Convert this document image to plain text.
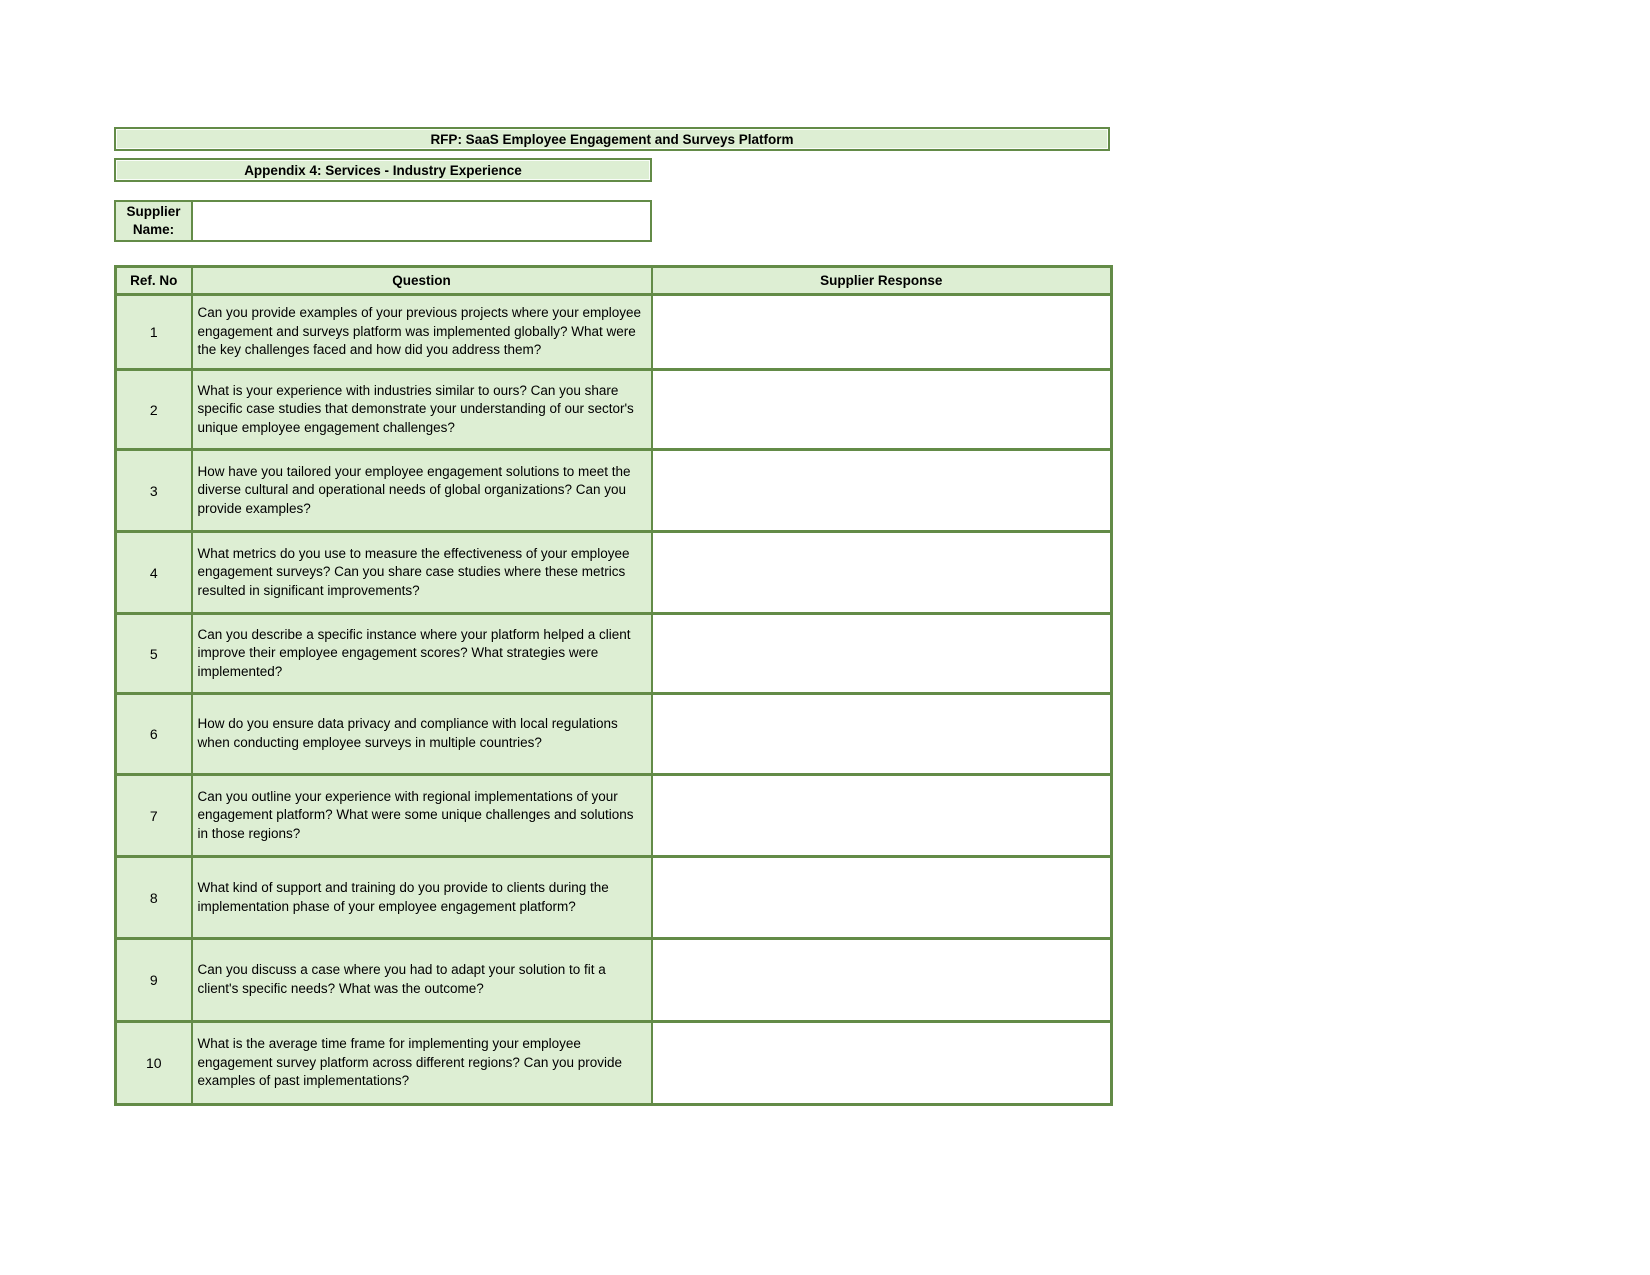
RFP: SaaS Employee Engagement and Surveys Platform
Appendix 4: Services - Industry Experience
Supplier Name:
Ref. No	Question	Supplier Response
1	Can you provide examples of your previous projects where your employee engagement and surveys platform was implemented globally? What were the key challenges faced and how did you address them?	
2	What is your experience with industries similar to ours? Can you share specific case studies that demonstrate your understanding of our sector's unique employee engagement challenges?	
3	How have you tailored your employee engagement solutions to meet the diverse cultural and operational needs of global organizations? Can you provide examples?	
4	What metrics do you use to measure the effectiveness of your employee engagement surveys? Can you share case studies where these metrics resulted in significant improvements?	
5	Can you describe a specific instance where your platform helped a client improve their employee engagement scores? What strategies were implemented?	
6	How do you ensure data privacy and compliance with local regulations when conducting employee surveys in multiple countries?	
7	Can you outline your experience with regional implementations of your engagement platform? What were some unique challenges and solutions in those regions?	
8	What kind of support and training do you provide to clients during the implementation phase of your employee engagement platform?	
9	Can you discuss a case where you had to adapt your solution to fit a client's specific needs? What was the outcome?	
10	What is the average time frame for implementing your employee engagement survey platform across different regions? Can you provide examples of past implementations?	
